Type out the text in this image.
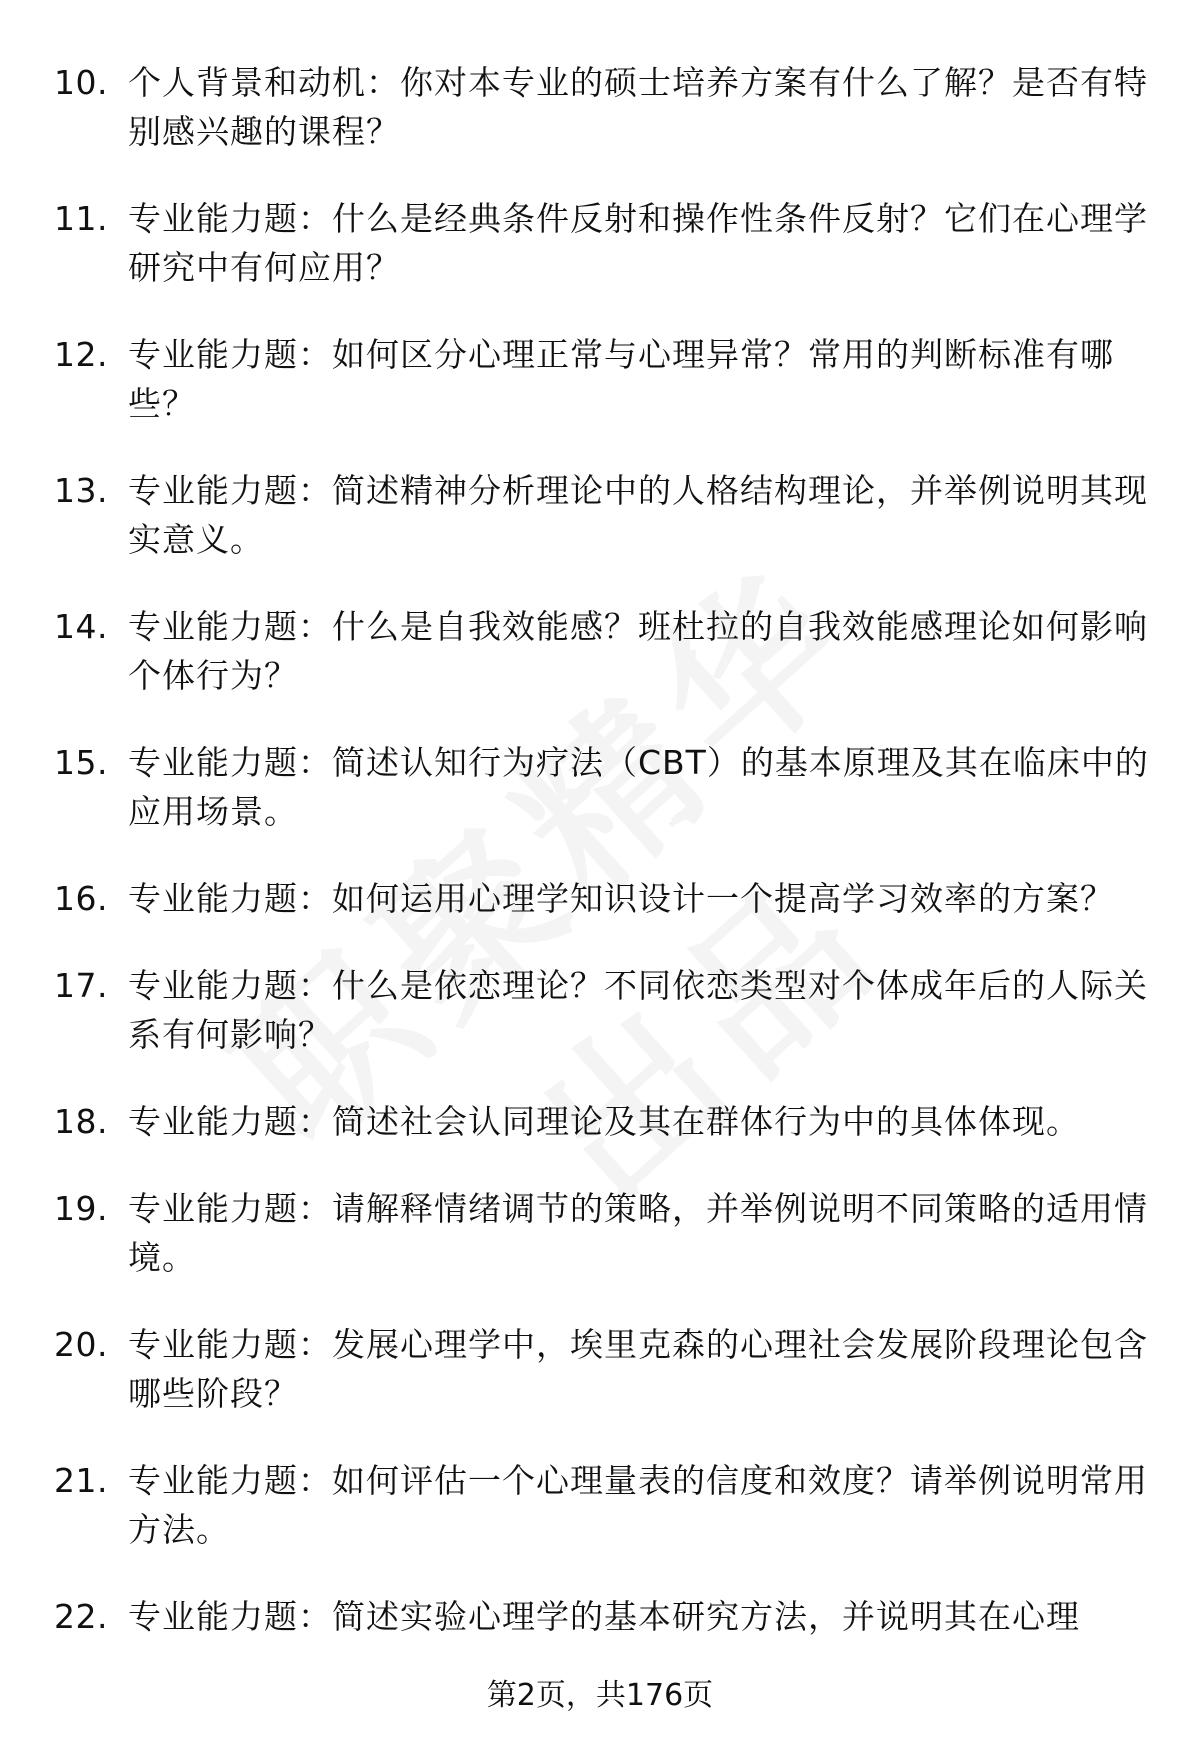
10. 个人背景和动机：你对本专业的硕士培养方案有什么了解？是否有特别感兴趣的课程？
11. 专业能力题：什么是经典条件反射和操作性条件反射？它们在心理学研究中有何应用？
12. 专业能力题：如何区分心理正常与心理异常？常用的判断标准有哪些？
13. 专业能力题：简述精神分析理论中的人格结构理论，并举例说明其现实意义。
14. 专业能力题：什么是自我效能感？班杜拉的自我效能感理论如何影响个体行为？
15. 专业能力题：简述认知行为疗法（CBT）的基本原理及其在临床中的应用场景。
16. 专业能力题：如何运用心理学知识设计一个提高学习效率的方案？
17. 专业能力题：什么是依恋理论？不同依恋类型对个体成年后的人际关系有何影响？
18. 专业能力题：简述社会认同理论及其在群体行为中的具体体现。
19. 专业能力题：请解释情绪调节的策略，并举例说明不同策略的适用情境。
20. 专业能力题：发展心理学中，埃里克森的心理社会发展阶段理论包含哪些阶段？
21. 专业能力题：如何评估一个心理量表的信度和效度？请举例说明常用方法。
22. 专业能力题：简述实验心理学的基本研究方法，并说明其在心理
第2页，共176页
